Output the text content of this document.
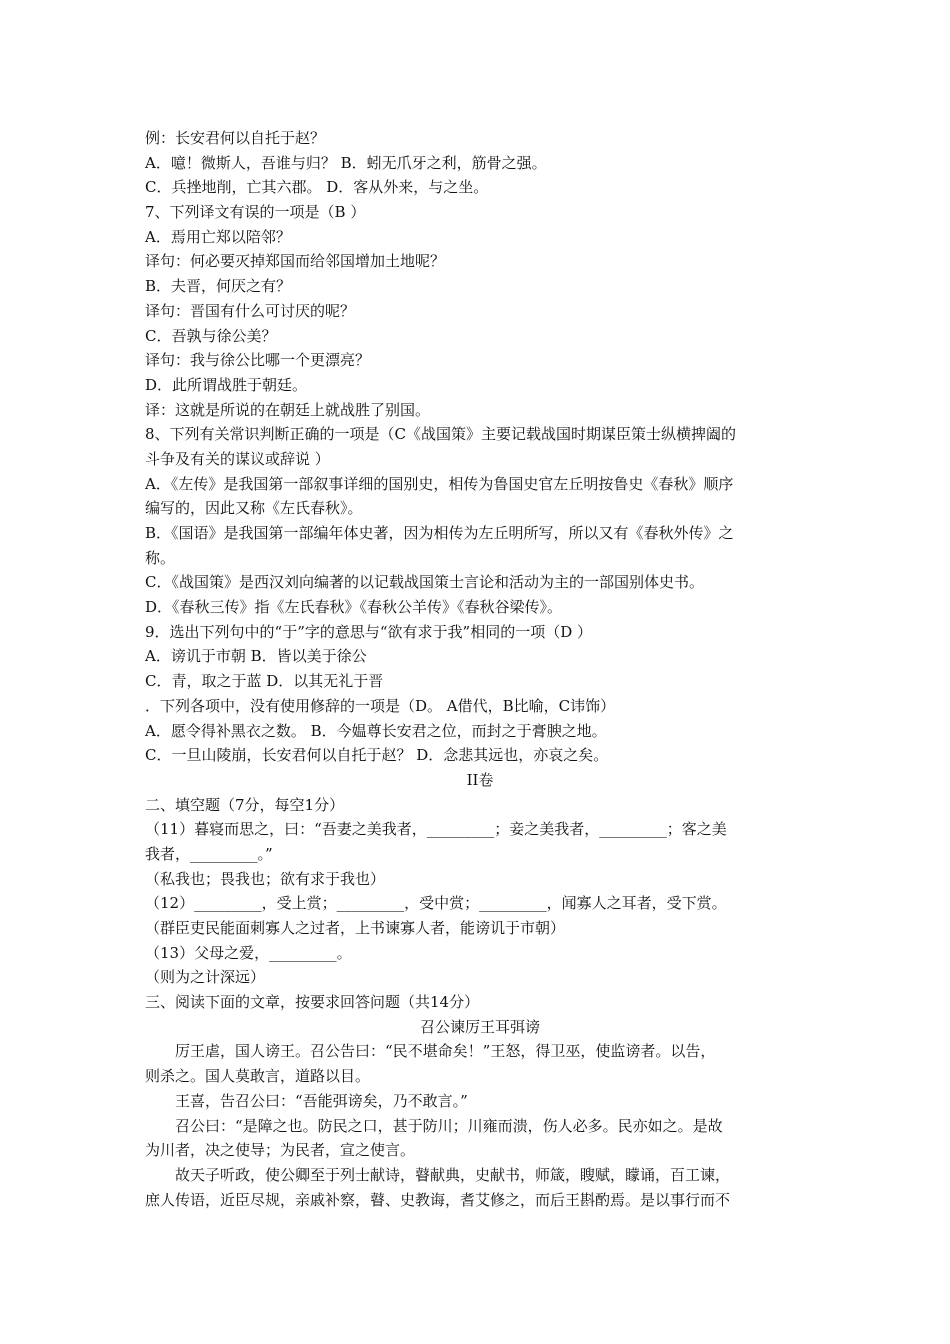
例：长安君何以自托于赵？
A．噫！微斯人，吾谁与归？ B．蚓无爪牙之利，筋骨之强。
C．兵挫地削，亡其六郡。 D．客从外来，与之坐。
7、下列译文有误的一项是（B ）
A．焉用亡郑以陪邻？
译句：何必要灭掉郑国而给邻国增加土地呢？
B．夫晋，何厌之有？
译句：晋国有什么可讨厌的呢？
C．吾孰与徐公美？
译句：我与徐公比哪一个更漂亮？
D．此所谓战胜于朝廷。
译：这就是所说的在朝廷上就战胜了别国。
8、下列有关常识判断正确的一项是（C《战国策》主要记载战国时期谋臣策士纵横捭阖的
斗争及有关的谋议或辞说 ）
A．《左传》是我国第一部叙事详细的国别史，相传为鲁国史官左丘明按鲁史《春秋》顺序
编写的，因此又称《左氏春秋》。
B．《国语》是我国第一部编年体史著，因为相传为左丘明所写，所以又有《春秋外传》之
称。
C．《战国策》是西汉刘向编著的以记载战国策士言论和活动为主的一部国别体史书。
D．《春秋三传》指《左氏春秋》《春秋公羊传》《春秋谷梁传》。
9．选出下列句中的“于”字的意思与“欲有求于我”相同的一项（D ）
A．谤讥于市朝 B．皆以美于徐公
C．青，取之于蓝 D．以其无礼于晋
．下列各项中，没有使用修辞的一项是（D。 A借代，B比喻，C讳饰）
A．愿令得补黑衣之数。 B．今媪尊长安君之位，而封之于膏腴之地。
C．一旦山陵崩，长安君何以自托于赵？ D．念悲其远也，亦哀之矣。
II卷
二、填空题（7分，每空1分）
（11）暮寝而思之，曰：“吾妻之美我者，_________；妾之美我者，_________；客之美
我者，_________。”
（私我也；畏我也；欲有求于我也）
（12）_________，受上赏；_________，受中赏；_________，闻寡人之耳者，受下赏。
（群臣吏民能面刺寡人之过者，上书谏寡人者，能谤讥于市朝）
（13）父母之爱，_________。
（则为之计深远）
三、阅读下面的文章，按要求回答问题（共14分）
召公谏厉王耳弭谤
厉王虐，国人谤王。召公告曰：“民不堪命矣！”王怒，得卫巫，使监谤者。以告，
则杀之。国人莫敢言，道路以目。
王喜，告召公曰：“吾能弭谤矣，乃不敢言。”
召公曰：“是障之也。防民之口，甚于防川；川雍而溃，伤人必多。民亦如之。是故
为川者，决之使导；为民者，宣之使言。
故天子听政，使公卿至于列士献诗，瞽献典，史献书，师箴，瞍赋，矇诵，百工谏，
庶人传语，近臣尽规，亲戚补察，瞽、史教诲，耆艾修之，而后王斟酌焉。是以事行而不
